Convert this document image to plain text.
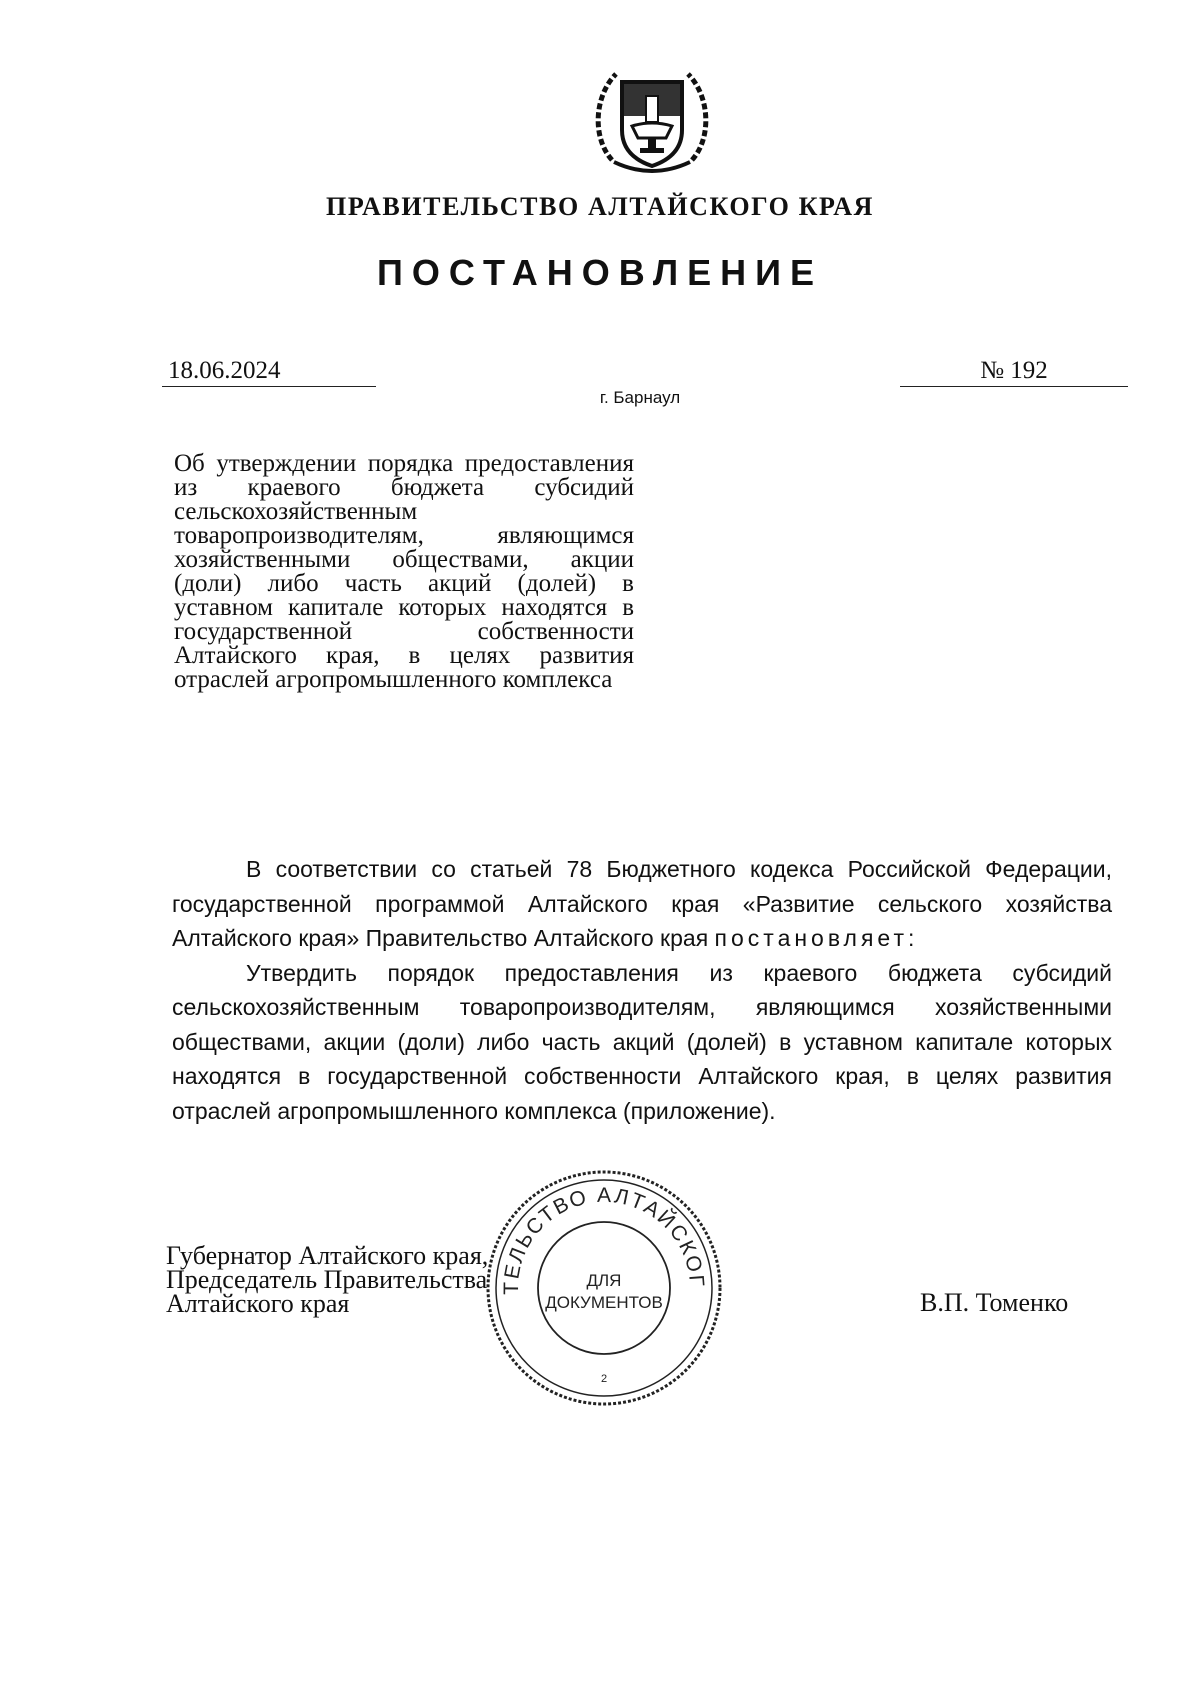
ПРАВИТЕЛЬСТВО АЛТАЙСКОГО КРАЯ
ПОСТАНОВЛЕНИЕ
18.06.2024	№ 192
г. Барнаул

Об утверждении порядка предоставления из краевого бюджета субсидий сельскохозяйственным товаропроизводителям, являющимся хозяйственными обществами, акции (доли) либо часть акций (долей) в уставном капитале которых находятся в государственной собственности Алтайского края, в целях развития отраслей агропромышленного комплекса

В соответствии со статьей 78 Бюджетного кодекса Российской Федерации, государственной программой Алтайского края «Развитие сельского хозяйства Алтайского края» Правительство Алтайского края постановляет:

Утвердить порядок предоставления из краевого бюджета субсидий сельскохозяйственным товаропроизводителям, являющимся хозяйственными обществами, акции (доли) либо часть акций (долей) в уставном капитале которых находятся в государственной собственности Алтайского края, в целях развития отраслей агропромышленного комплекса (приложение).

Губернатор Алтайского края,
Председатель Правительства
Алтайского края	В.П. Томенко
ТЕЛЬСТВО АЛТАЙСКОГ
ДЛЯ
ДОКУМЕНТОВ
2
